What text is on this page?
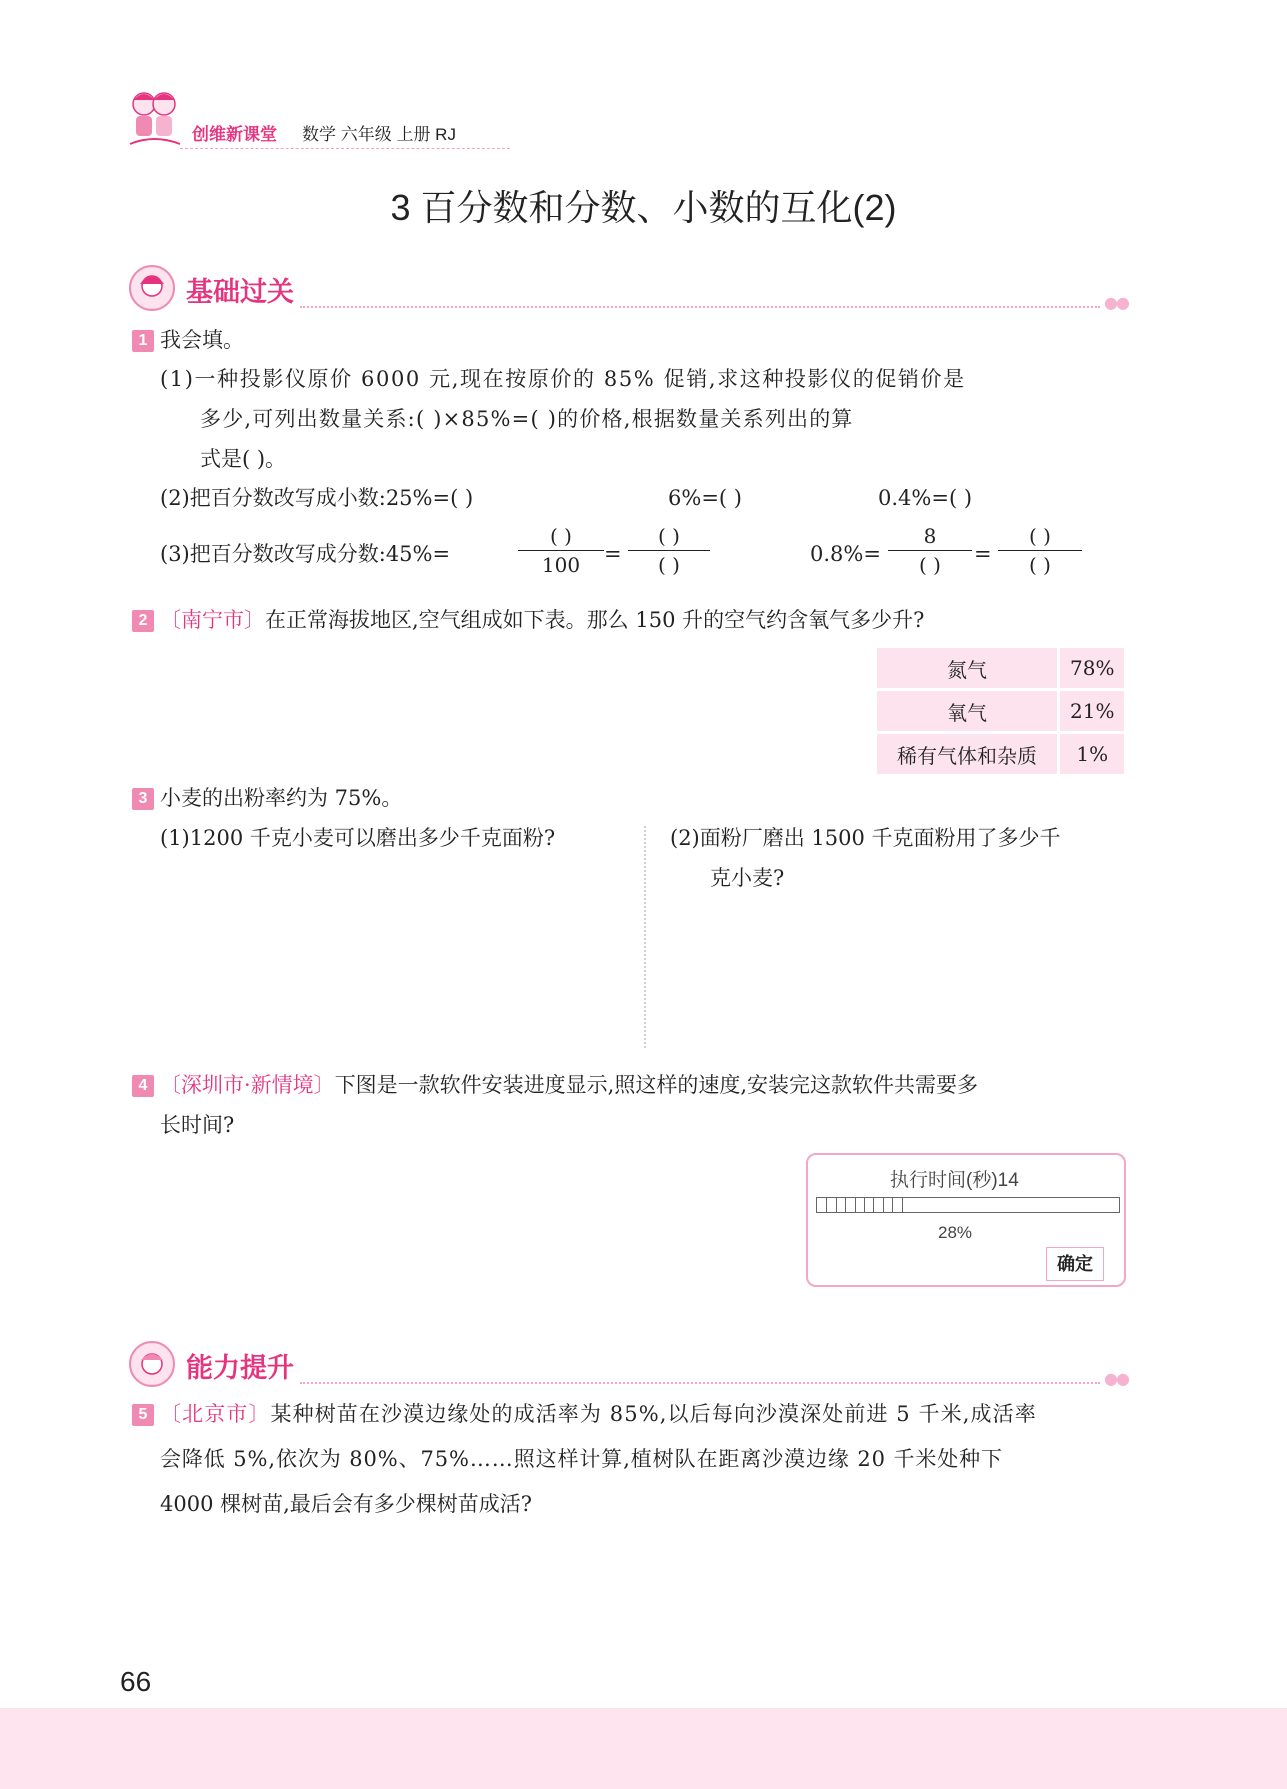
创维新课堂 数学 六年级 上册 RJ
3 百分数和分数、小数的互化(2)
基础过关	●●
1 我会填。
(1)一种投影仪原价 6000 元,现在按原价的 85% 促销,求这种投影仪的促销价是
多少,可列出数量关系:( )×85%=( )的价格,根据数量关系列出的算
式是( )。
(2)把百分数改写成小数:25%=( )	6%=( )	0.4%=( )
(3)把百分数改写成分数:45%=
( )
100	=
( )
( )	0.8%=
8
( )	=
( )
( )
2 〔南宁市〕在正常海拔地区,空气组成如下表。那么 150 升的空气约含氧气多少升?
氮气	78%
氧气	21%
稀有气体和杂质	1%
3 小麦的出粉率约为 75%。
(1)1200 千克小麦可以磨出多少千克面粉?	(2)面粉厂磨出 1500 千克面粉用了多少千
克小麦?
4 〔深圳市·新情境〕下图是一款软件安装进度显示,照这样的速度,安装完这款软件共需要多
长时间?
执行时间(秒)14
28%
确定
能力提升	●●
5 〔北京市〕某种树苗在沙漠边缘处的成活率为 85%,以后每向沙漠深处前进 5 千米,成活率
会降低 5%,依次为 80%、75%……照这样计算,植树队在距离沙漠边缘 20 千米处种下
4000 棵树苗,最后会有多少棵树苗成活?
66
